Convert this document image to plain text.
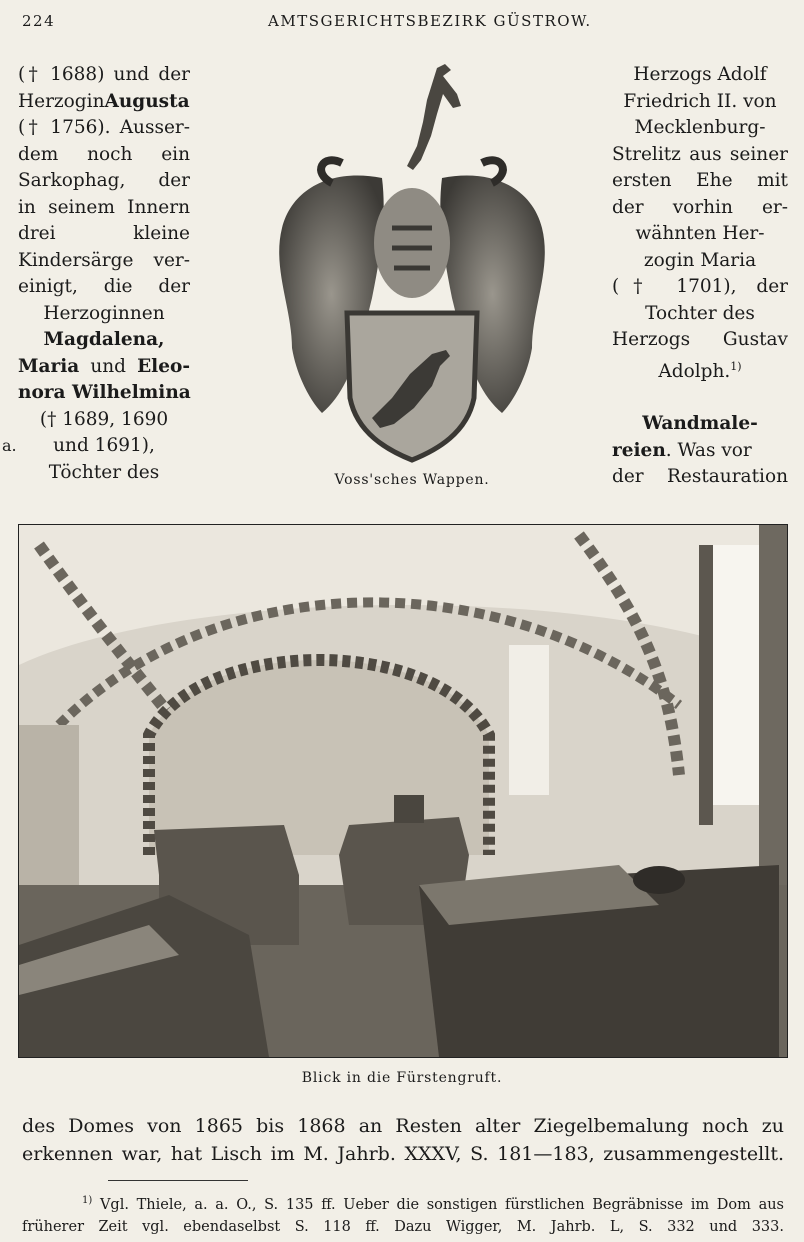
224	AMTSGERICHTSBEZIRK GÜSTROW.
(† 1688) und der
HerzoginAugusta
(† 1756). Ausser-
dem noch ein
Sarkophag, der
in seinem Innern
drei kleine
Kindersärge ver-
einigt, die der
Herzoginnen
Magdalena,
Maria und Eleo-
nora Wilhelmina
(† 1689, 1690
und 1691),
Töchter des
a.
Voss'sches Wappen.
Herzogs Adolf
Friedrich II. von
Mecklenburg-
Strelitz aus seiner
ersten Ehe mit
der vorhin er-
wähnten Her-
zogin Maria
(† 1701), der
Tochter des
Herzogs Gustav
Adolph.$^{1)}$
Wandmale-
reien. Was vor
der Restauration
Blick in die Fürstengruft.
des Domes von 1865 bis 1868 an Resten alter Ziegelbemalung noch zu
erkennen war, hat Lisch im M. Jahrb. XXXV, S. 181—183, zusammengestellt.
$^{1)}$ Vgl. Thiele, a. a. O., S. 135 ff. Ueber die sonstigen fürstlichen Begräbnisse im Dom aus
früherer Zeit vgl. ebendaselbst S. 118 ff. Dazu Wigger, M. Jahrb. L, S. 332 und 333.
